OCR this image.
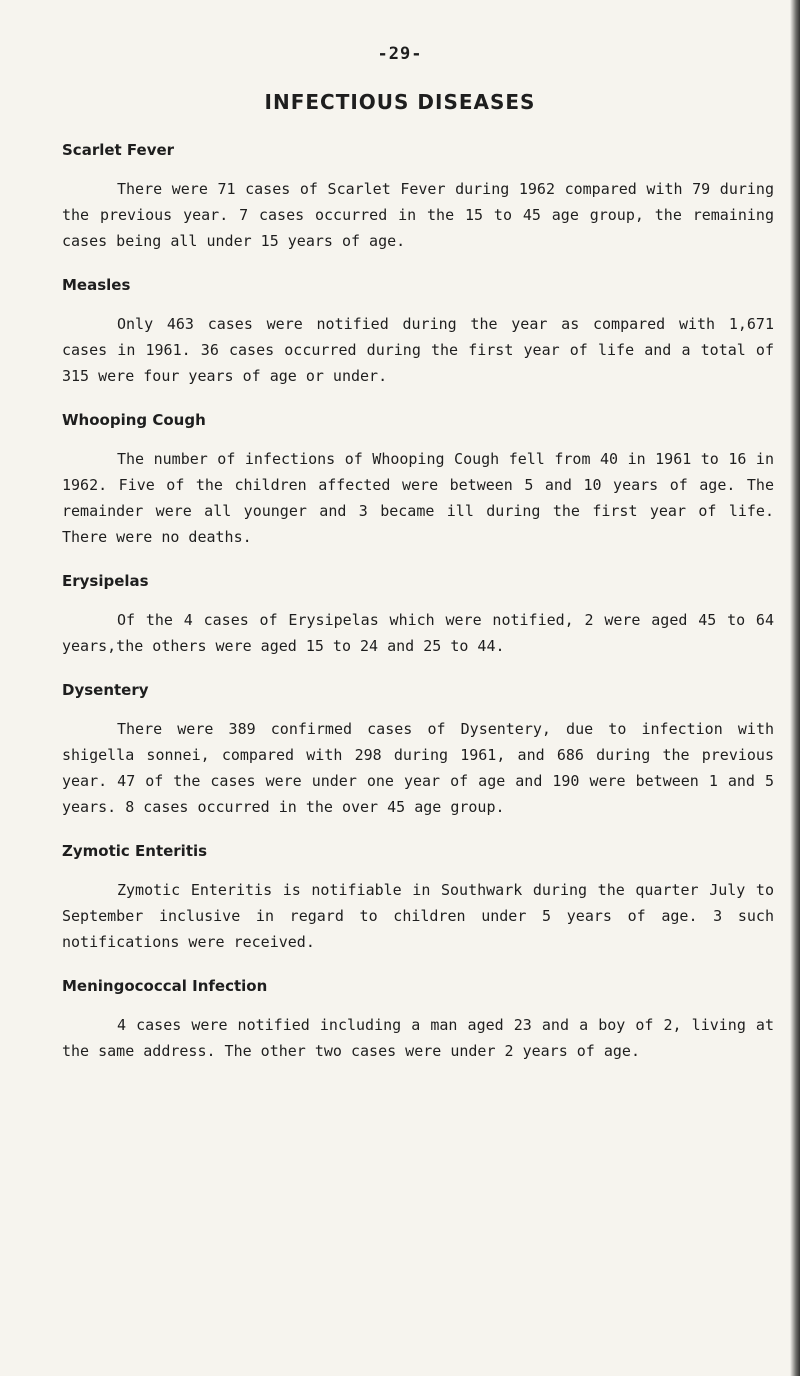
-29-
INFECTIOUS DISEASES
Scarlet Fever

There were 71 cases of Scarlet Fever during 1962 compared with 79 during the previous year. 7 cases occurred in the 15 to 45 age group, the remaining cases being all under 15 years of age.

Measles

Only 463 cases were notified during the year as compared with 1,671 cases in 1961. 36 cases occurred during the first year of life and a total of 315 were four years of age or under.

Whooping Cough

The number of infections of Whooping Cough fell from 40 in 1961 to 16 in 1962. Five of the children affected were between 5 and 10 years of age. The remainder were all younger and 3 became ill during the first year of life. There were no deaths.

Erysipelas

Of the 4 cases of Erysipelas which were notified, 2 were aged 45 to 64 years,the others were aged 15 to 24 and 25 to 44.

Dysentery

There were 389 confirmed cases of Dysentery, due to infection with shigella sonnei, compared with 298 during 1961, and 686 during the previous year. 47 of the cases were under one year of age and 190 were between 1 and 5 years. 8 cases occurred in the over 45 age group.

Zymotic Enteritis

Zymotic Enteritis is notifiable in Southwark during the quarter July to September inclusive in regard to children under 5 years of age. 3 such notifications were received.

Meningococcal Infection

4 cases were notified including a man aged 23 and a boy of 2, living at the same address. The other two cases were under 2 years of age.
